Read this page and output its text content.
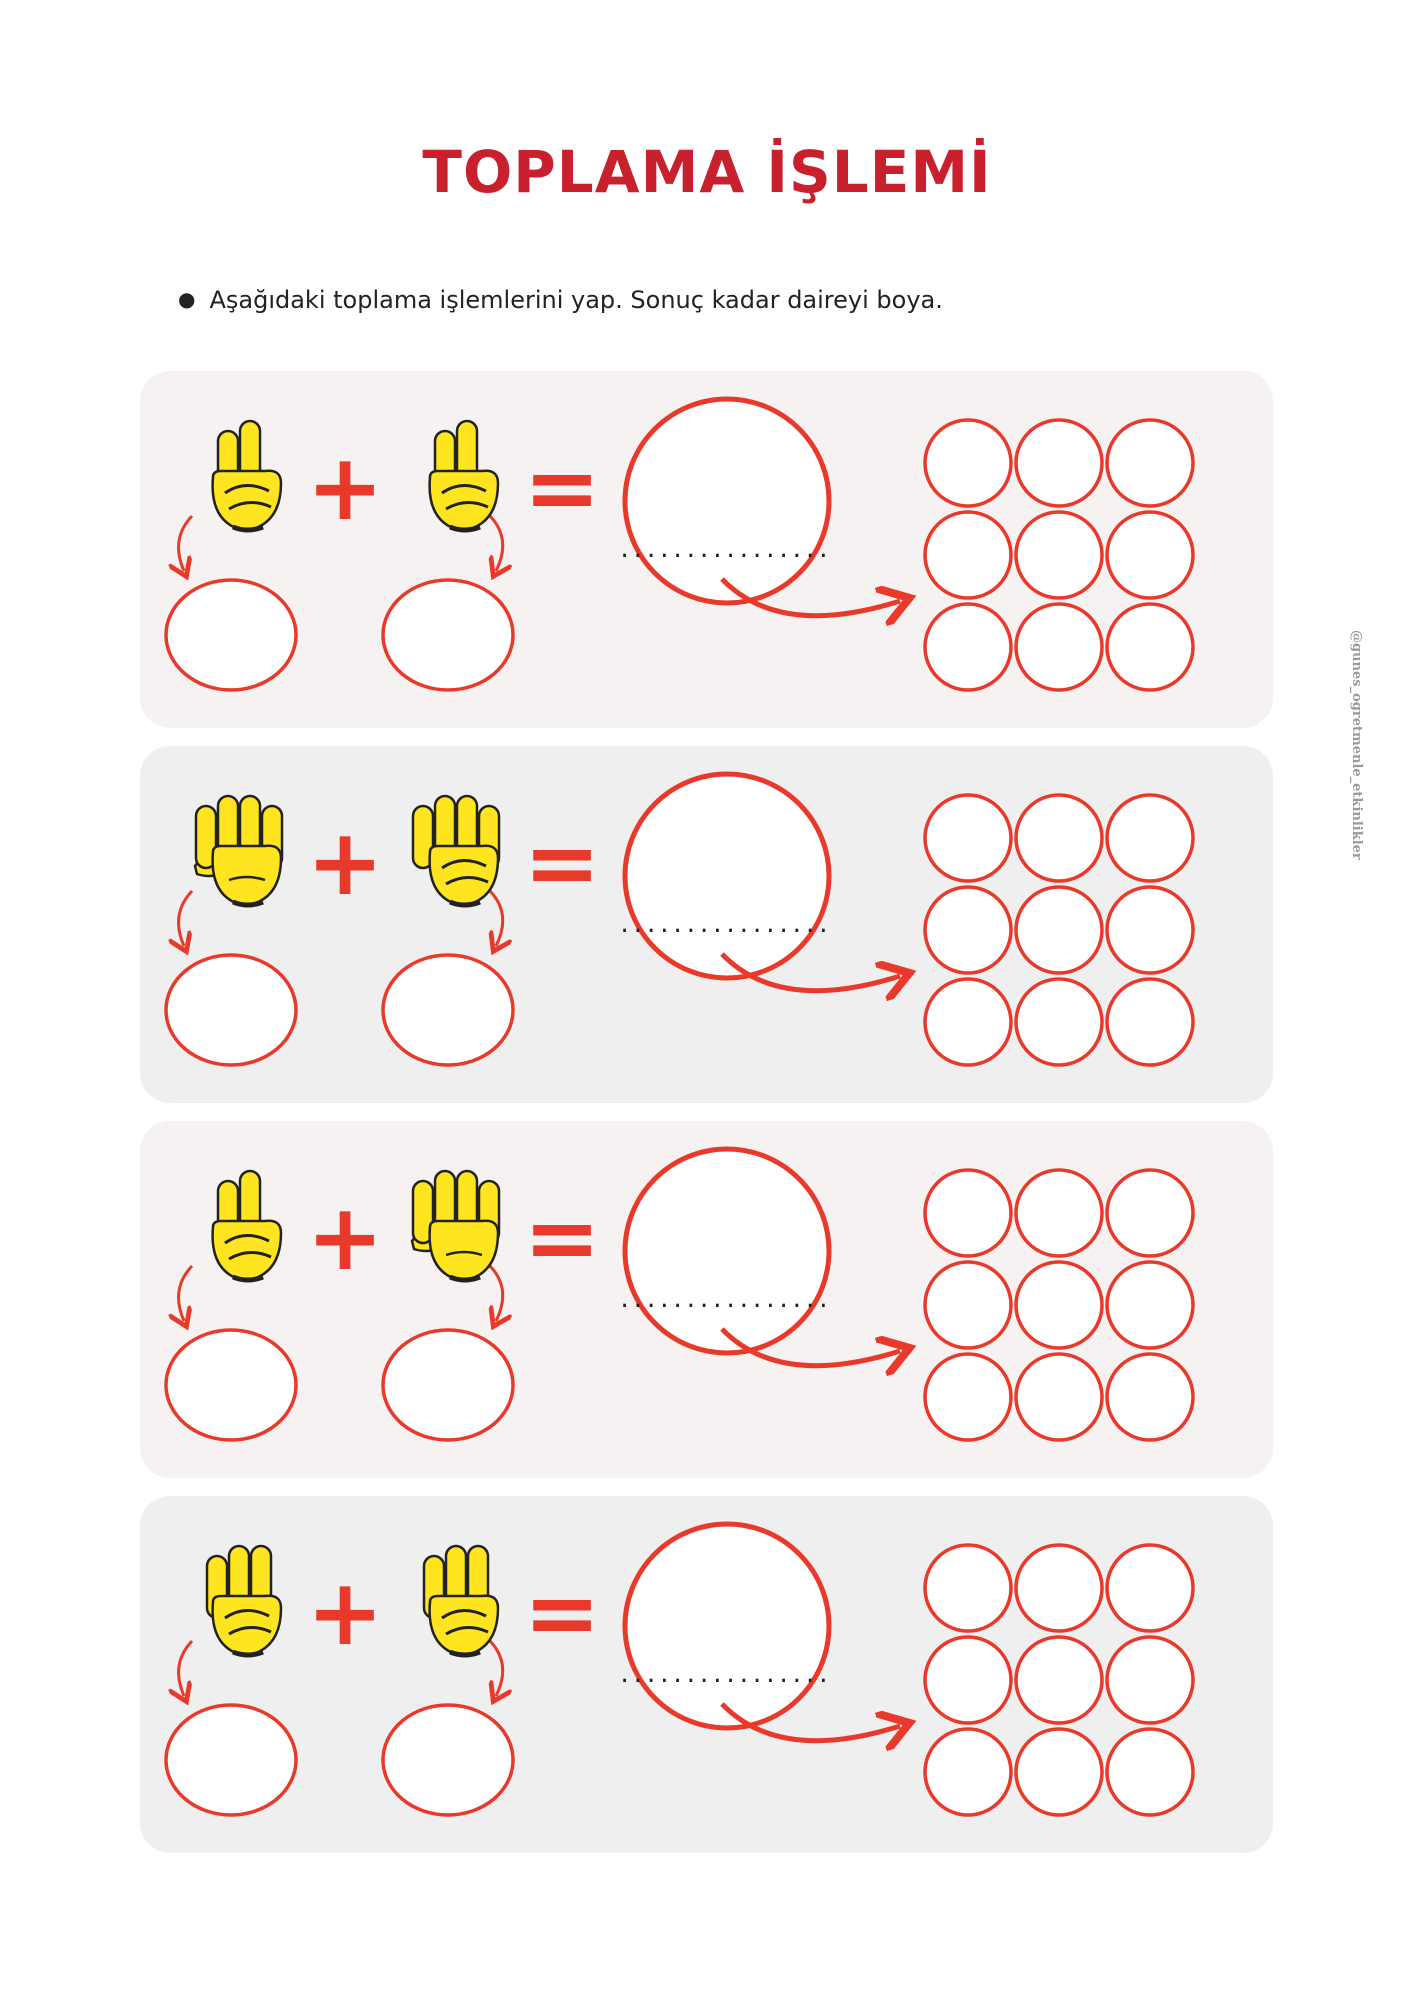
TOPLAMA İŞLEMİ
● Aşağıdaki toplama işlemlerini yap. Sonuç kadar daireyi boya.
@gunes_ogretmenle_etkinlikler
+ =
................
+ =
................
+ =
................
+ =
................
